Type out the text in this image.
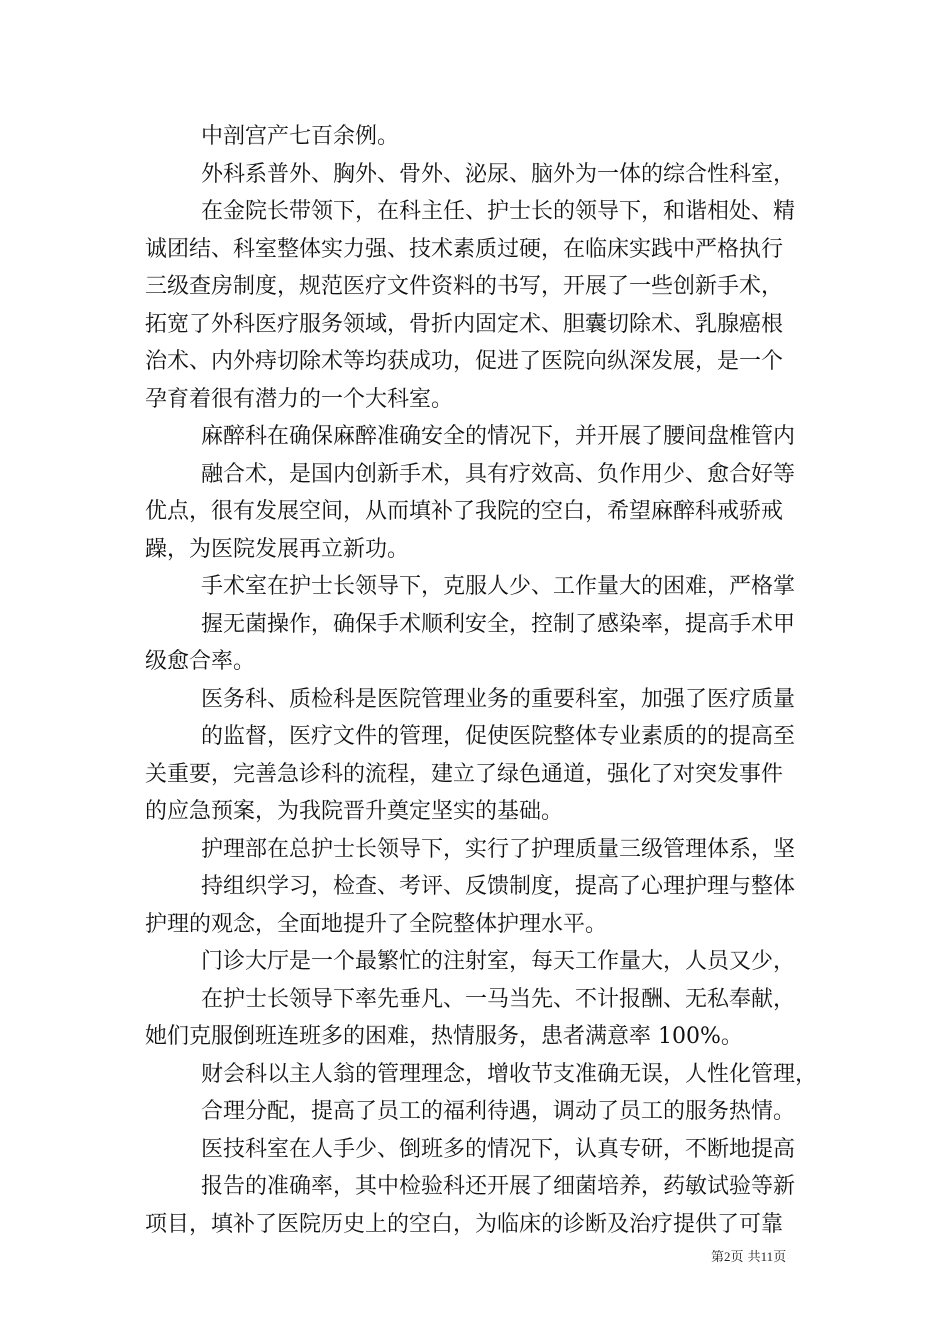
中剖宫产七百余例。
外科系普外、胸外、骨外、泌尿、脑外为一体的综合性科室，
在金院长带领下，在科主任、护士长的领导下，和谐相处、精
诚团结、科室整体实力强、技术素质过硬，在临床实践中严格执行
三级查房制度，规范医疗文件资料的书写，开展了一些创新手术，
拓宽了外科医疗服务领域，骨折内固定术、胆囊切除术、乳腺癌根
治术、内外痔切除术等均获成功，促进了医院向纵深发展，是一个
孕育着很有潜力的一个大科室。
麻醉科在确保麻醉准确安全的情况下，并开展了腰间盘椎管内
融合术，是国内创新手术，具有疗效高、负作用少、愈合好等
优点，很有发展空间，从而填补了我院的空白，希望麻醉科戒骄戒
躁，为医院发展再立新功。
手术室在护士长领导下，克服人少、工作量大的困难，严格掌
握无菌操作，确保手术顺利安全，控制了感染率，提高手术甲
级愈合率。
医务科、质检科是医院管理业务的重要科室，加强了医疗质量
的监督，医疗文件的管理，促使医院整体专业素质的的提高至
关重要，完善急诊科的流程，建立了绿色通道，强化了对突发事件
的应急预案，为我院晋升奠定坚实的基础。
护理部在总护士长领导下，实行了护理质量三级管理体系，坚
持组织学习，检查、考评、反馈制度，提高了心理护理与整体
护理的观念，全面地提升了全院整体护理水平。
门诊大厅是一个最繁忙的注射室，每天工作量大，人员又少，
在护士长领导下率先垂凡、一马当先、不计报酬、无私奉献，
她们克服倒班连班多的困难，热情服务，患者满意率 100%。
财会科以主人翁的管理理念，增收节支准确无误，人性化管理，
合理分配，提高了员工的福利待遇，调动了员工的服务热情。
医技科室在人手少、倒班多的情况下，认真专研，不断地提高
报告的准确率，其中检验科还开展了细菌培养，药敏试验等新
项目，填补了医院历史上的空白，为临床的诊断及治疗提供了可靠
第2页 共11页
